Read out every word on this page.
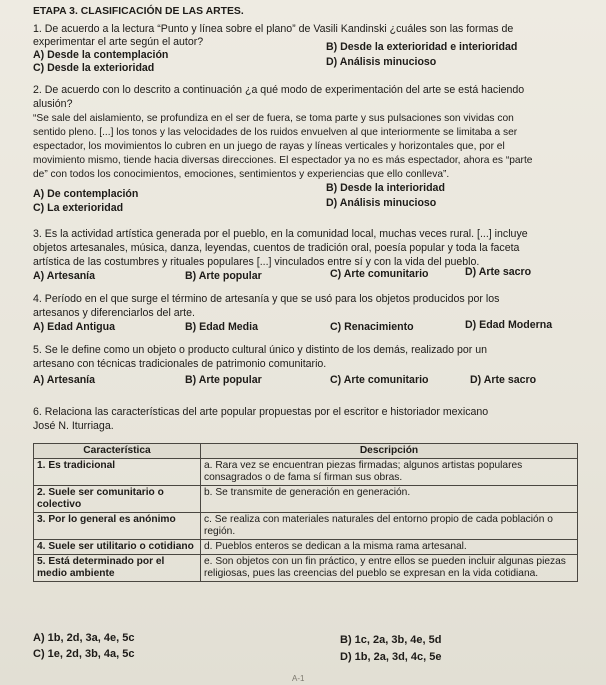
ETAPA 3. CLASIFICACIÓN DE LAS ARTES.
1. De acuerdo a la lectura “Punto y línea sobre el plano” de Vasili Kandinski ¿cuáles son las formas de
experimentar el arte según el autor?
A) Desde la contemplación
B) Desde la exterioridad e interioridad
C) Desde la exterioridad	D) Análisis minucioso
2. De acuerdo con lo descrito a continuación ¿a qué modo de experimentación del arte se está haciendo
alusión?
“Se sale del aislamiento, se profundiza en el ser de fuera, se toma parte y sus pulsaciones son vividas con
sentido pleno. [...] los tonos y las velocidades de los ruidos envuelven al que interiormente se limitaba a ser
espectador, los movimientos lo cubren en un juego de rayas y líneas verticales y horizontales que, por el
movimiento mismo, tiende hacia diversas direcciones. El espectador ya no es más espectador, ahora es “parte
de” con todos los conocimientos, emociones, sentimientos y experiencias que ello conlleva”.
A) De contemplación	B) Desde la interioridad
C) La exterioridad	D) Análisis minucioso
3. Es la actividad artística generada por el pueblo, en la comunidad local, muchas veces rural. [...] incluye
objetos artesanales, música, danza, leyendas, cuentos de tradición oral, poesía popular y toda la faceta
artística de las costumbres y rituales populares [...] vinculados entre sí y con la vida del pueblo.
A) Artesanía	B) Arte popular	C) Arte comunitario	D) Arte sacro
4. Período en el que surge el término de artesanía y que se usó para los objetos producidos por los
artesanos y diferenciarlos del arte.
A) Edad Antigua	B) Edad Media	C) Renacimiento	D) Edad Moderna
5. Se le define como un objeto o producto cultural único y distinto de los demás, realizado por un
artesano con técnicas tradicionales de patrimonio comunitario.
A) Artesanía	B) Arte popular	C) Arte comunitario	D) Arte sacro
6. Relaciona las características del arte popular propuestas por el escritor e historiador mexicano
José N. Iturriaga.
Característica	Descripción
1. Es tradicional	a. Rara vez se encuentran piezas firmadas; algunos artistas populares consagrados o de fama sí firman sus obras.
2. Suele ser comunitario o colectivo	b. Se transmite de generación en generación.
3. Por lo general es anónimo	c. Se realiza con materiales naturales del entorno propio de cada población o región.
4. Suele ser utilitario o cotidiano	d. Pueblos enteros se dedican a la misma rama artesanal.
5. Está determinado por el medio ambiente	e. Son objetos con un fin práctico, y entre ellos se pueden incluir algunas piezas religiosas, pues las creencias del pueblo se expresan en la vida cotidiana.
A) 1b, 2d, 3a, 4e, 5c	B) 1c, 2a, 3b, 4e, 5d
C) 1e, 2d, 3b, 4a, 5c	D) 1b, 2a, 3d, 4c, 5e
A-1
